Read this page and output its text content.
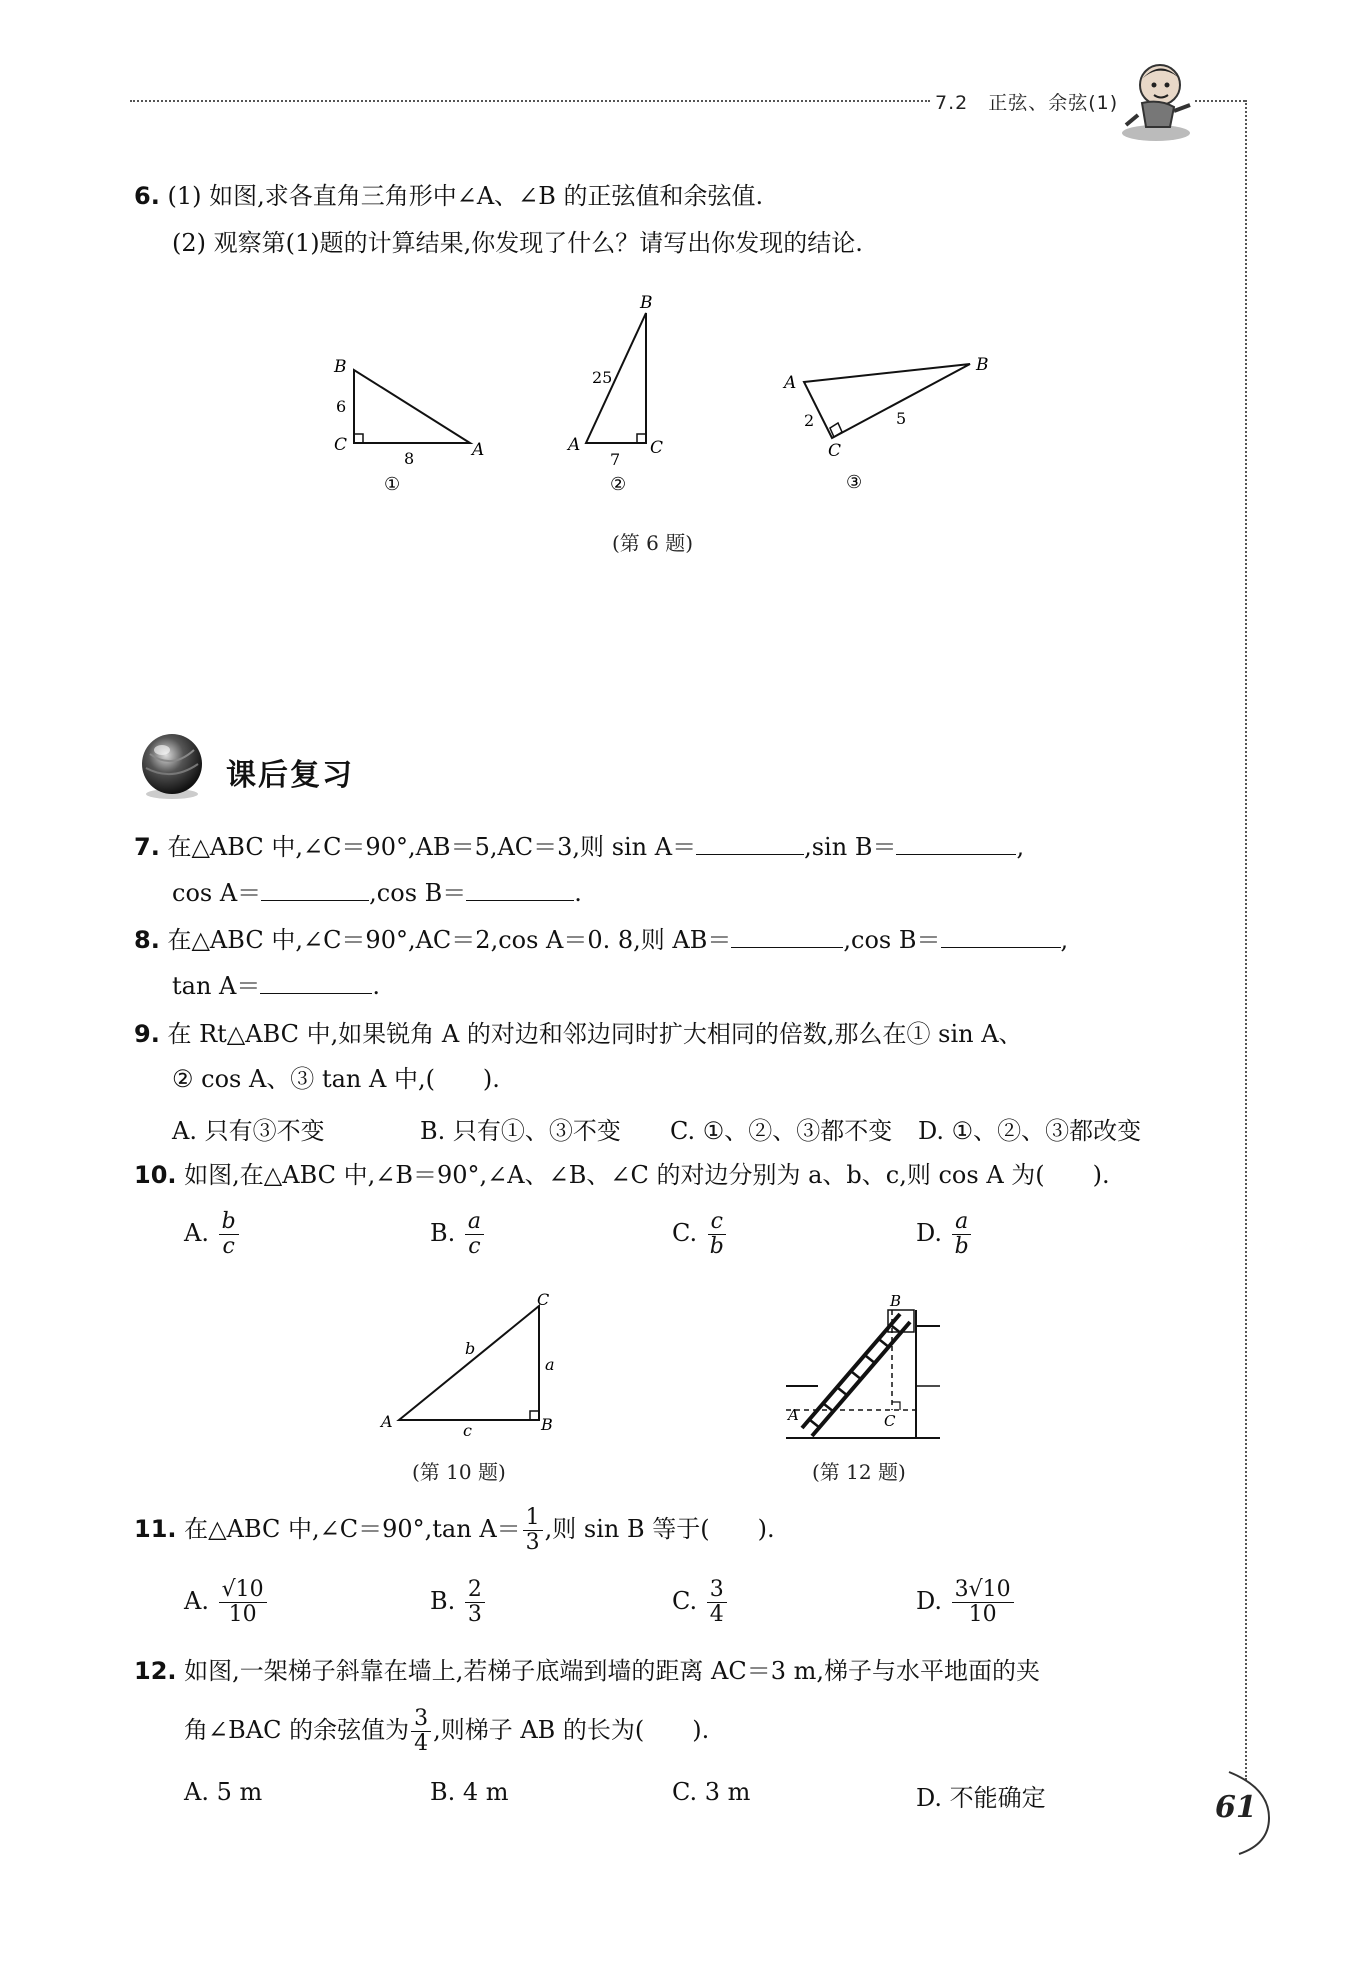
7.2　正弦、余弦(1)
6. (1) 如图,求各直角三角形中∠A、∠B 的正弦值和余弦值.
(2) 观察第(1)题的计算结果,你发现了什么？请写出你发现的结论.
B
C	A
6
8
①
B
A	C
25
7
②
A
B
C
2	5
③
(第 6 题)
课后复习
7. 在△ABC 中,∠C＝90°,AB＝5,AC＝3,则 sin A＝	,sin B＝	,
cos A＝	,cos B＝	.
8. 在△ABC 中,∠C＝90°,AC＝2,cos A＝0. 8,则 AB＝	,cos B＝	,
tan A＝	.
9. 在 Rt△ABC 中,如果锐角 A 的对边和邻边同时扩大相同的倍数,那么在① sin A、
② cos A、③ tan A 中,(　　).
A. 只有③不变	B. 只有①、③不变 C. ①、②、③都不变 D. ①、②、③都改变
10. 如图,在△ABC 中,∠B＝90°,∠A、∠B、∠C 的对边分别为 a、b、c,则 cos A 为(　　).
A. $\frac{b}{c}$	B. $\frac{a}{c}$	C. $\frac{c}{b}$	D. $\frac{a}{b}$
A	B
C
a
b
c
(第 10 题)
A
B
C
(第 12 题)
11. 在△ABC 中,∠C＝90°,tan $A= \frac{1}{3}$ ,则 sin B 等于(　　).
A. $\frac{√10}{10}$	B. $\frac{2}{3}$	C. $\frac{3}{4}$	D. $\frac{3√10}{10}$
12. 如图,一架梯子斜靠在墙上,若梯子底端到墙的距离 AC＝3 m,梯子与水平地面的夹
角∠BAC 的余弦值为 $\frac{3}{4}$ ,则梯子 AB 的长为(　　).
A. 5 m	B. 4 m	C. 3 m	D. 不能确定	61
